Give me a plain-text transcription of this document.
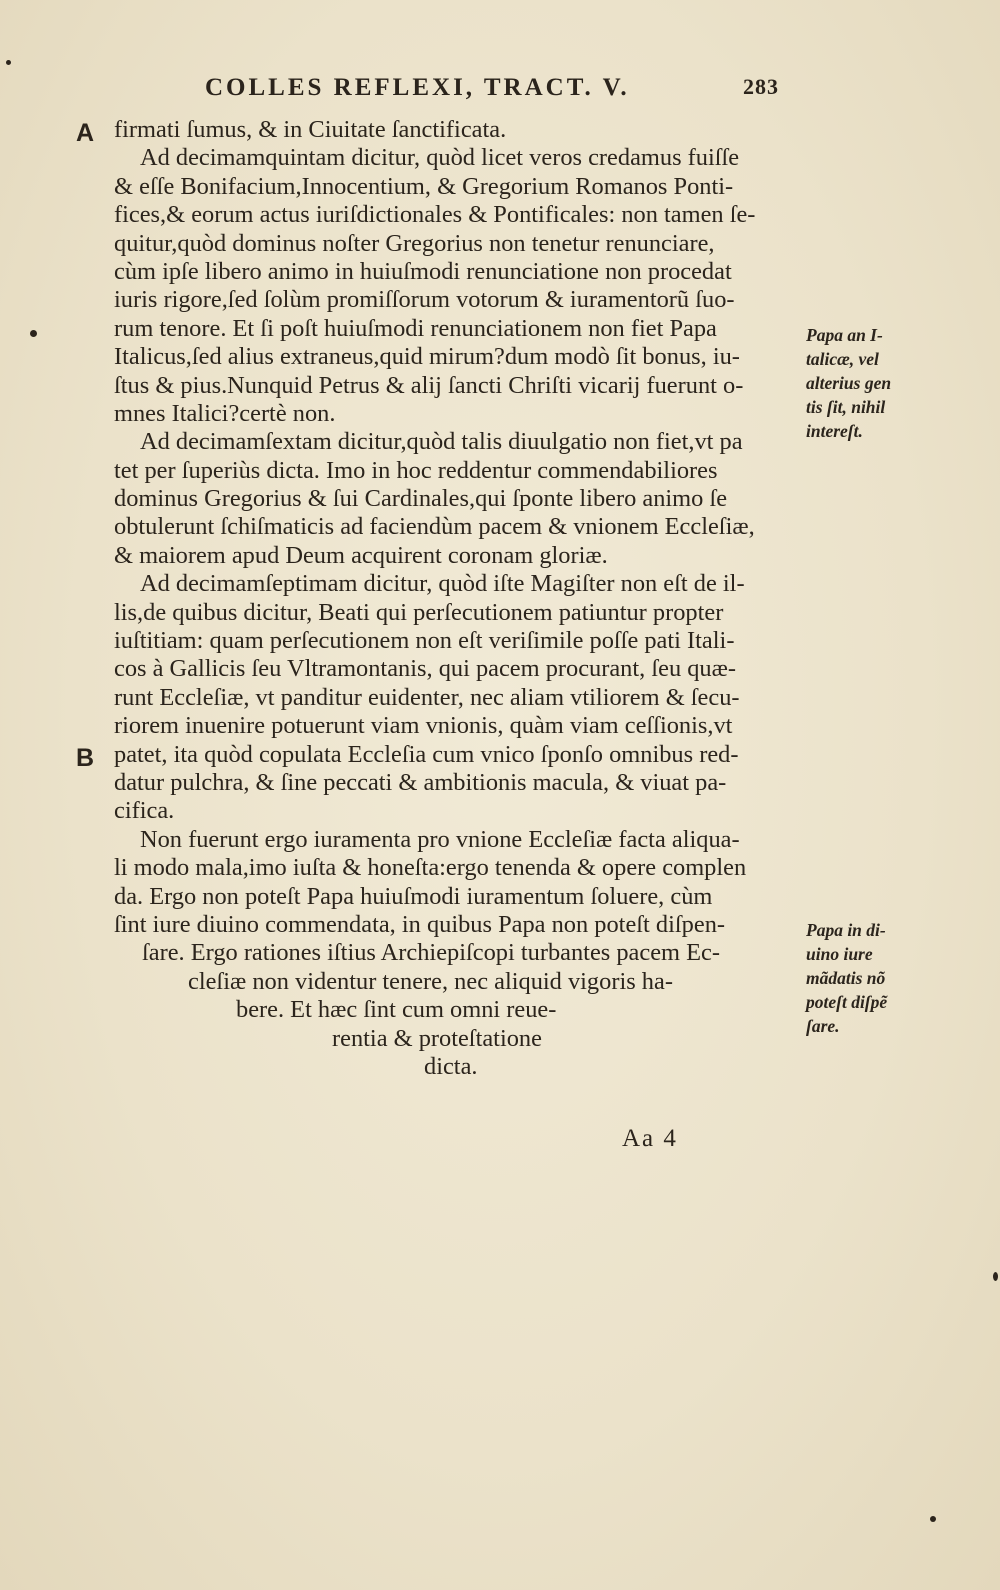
COLLES REFLEXI, TRACT. V.	283
A
B
firmati ſumus, & in Ciuitate ſanctificata.
Ad decimamquintam dicitur, quòd licet veros credamus fuiſſe
& eſſe Bonifacium,Innocentium, & Gregorium Romanos Ponti-
fices,& eorum actus iuriſdictionales & Pontificales: non tamen ſe-
quitur,quòd dominus noſter Gregorius non tenetur renunciare,
cùm ipſe libero animo in huiuſmodi renunciatione non procedat
iuris rigore,ſed ſolùm promiſſorum votorum & iuramentorũ ſuo-
rum tenore. Et ſi poſt huiuſmodi renunciationem non fiet Papa
Italicus,ſed alius extraneus,quid mirum?dum modò ſit bonus, iu-
ſtus & pius.Nunquid Petrus & alij ſancti Chriſti vicarij fuerunt o-
mnes Italici?certè non.
Ad decimamſextam dicitur,quòd talis diuulgatio non fiet,vt pa
tet per ſuperiùs dicta. Imo in hoc reddentur commendabiliores
dominus Gregorius & ſui Cardinales,qui ſponte libero animo ſe
obtulerunt ſchiſmaticis ad faciendùm pacem & vnionem Eccleſiæ,
& maiorem apud Deum acquirent coronam gloriæ.
Ad decimamſeptimam dicitur, quòd iſte Magiſter non eſt de il-
lis,de quibus dicitur, Beati qui perſecutionem patiuntur propter
iuſtitiam: quam perſecutionem non eſt veriſimile poſſe pati Itali-
cos à Gallicis ſeu Vltramontanis, qui pacem procurant, ſeu quæ-
runt Eccleſiæ, vt panditur euidenter, nec aliam vtiliorem & ſecu-
riorem inuenire potuerunt viam vnionis, quàm viam ceſſionis,vt
patet, ita quòd copulata Eccleſia cum vnico ſponſo omnibus red-
datur pulchra, & ſine peccati & ambitionis macula, & viuat pa-
cifica.
Non fuerunt ergo iuramenta pro vnione Eccleſiæ facta aliqua-
li modo mala,imo iuſta & honeſta:ergo tenenda & opere complen
da. Ergo non poteſt Papa huiuſmodi iuramentum ſoluere, cùm
ſint iure diuino commendata, in quibus Papa non poteſt diſpen-
ſare. Ergo rationes iſtius Archiepiſcopi turbantes pacem Ec-
cleſiæ non videntur tenere, nec aliquid vigoris ha-
bere. Et hæc ſint cum omni reue-
rentia & proteſtatione
dicta.
Papa an I-
talicæ, vel
alterius gen
tis ſit, nihil
intereſt.
Papa in di-
uino iure
mãdatis nõ
poteſt diſpẽ
ſare.
Aa 4
